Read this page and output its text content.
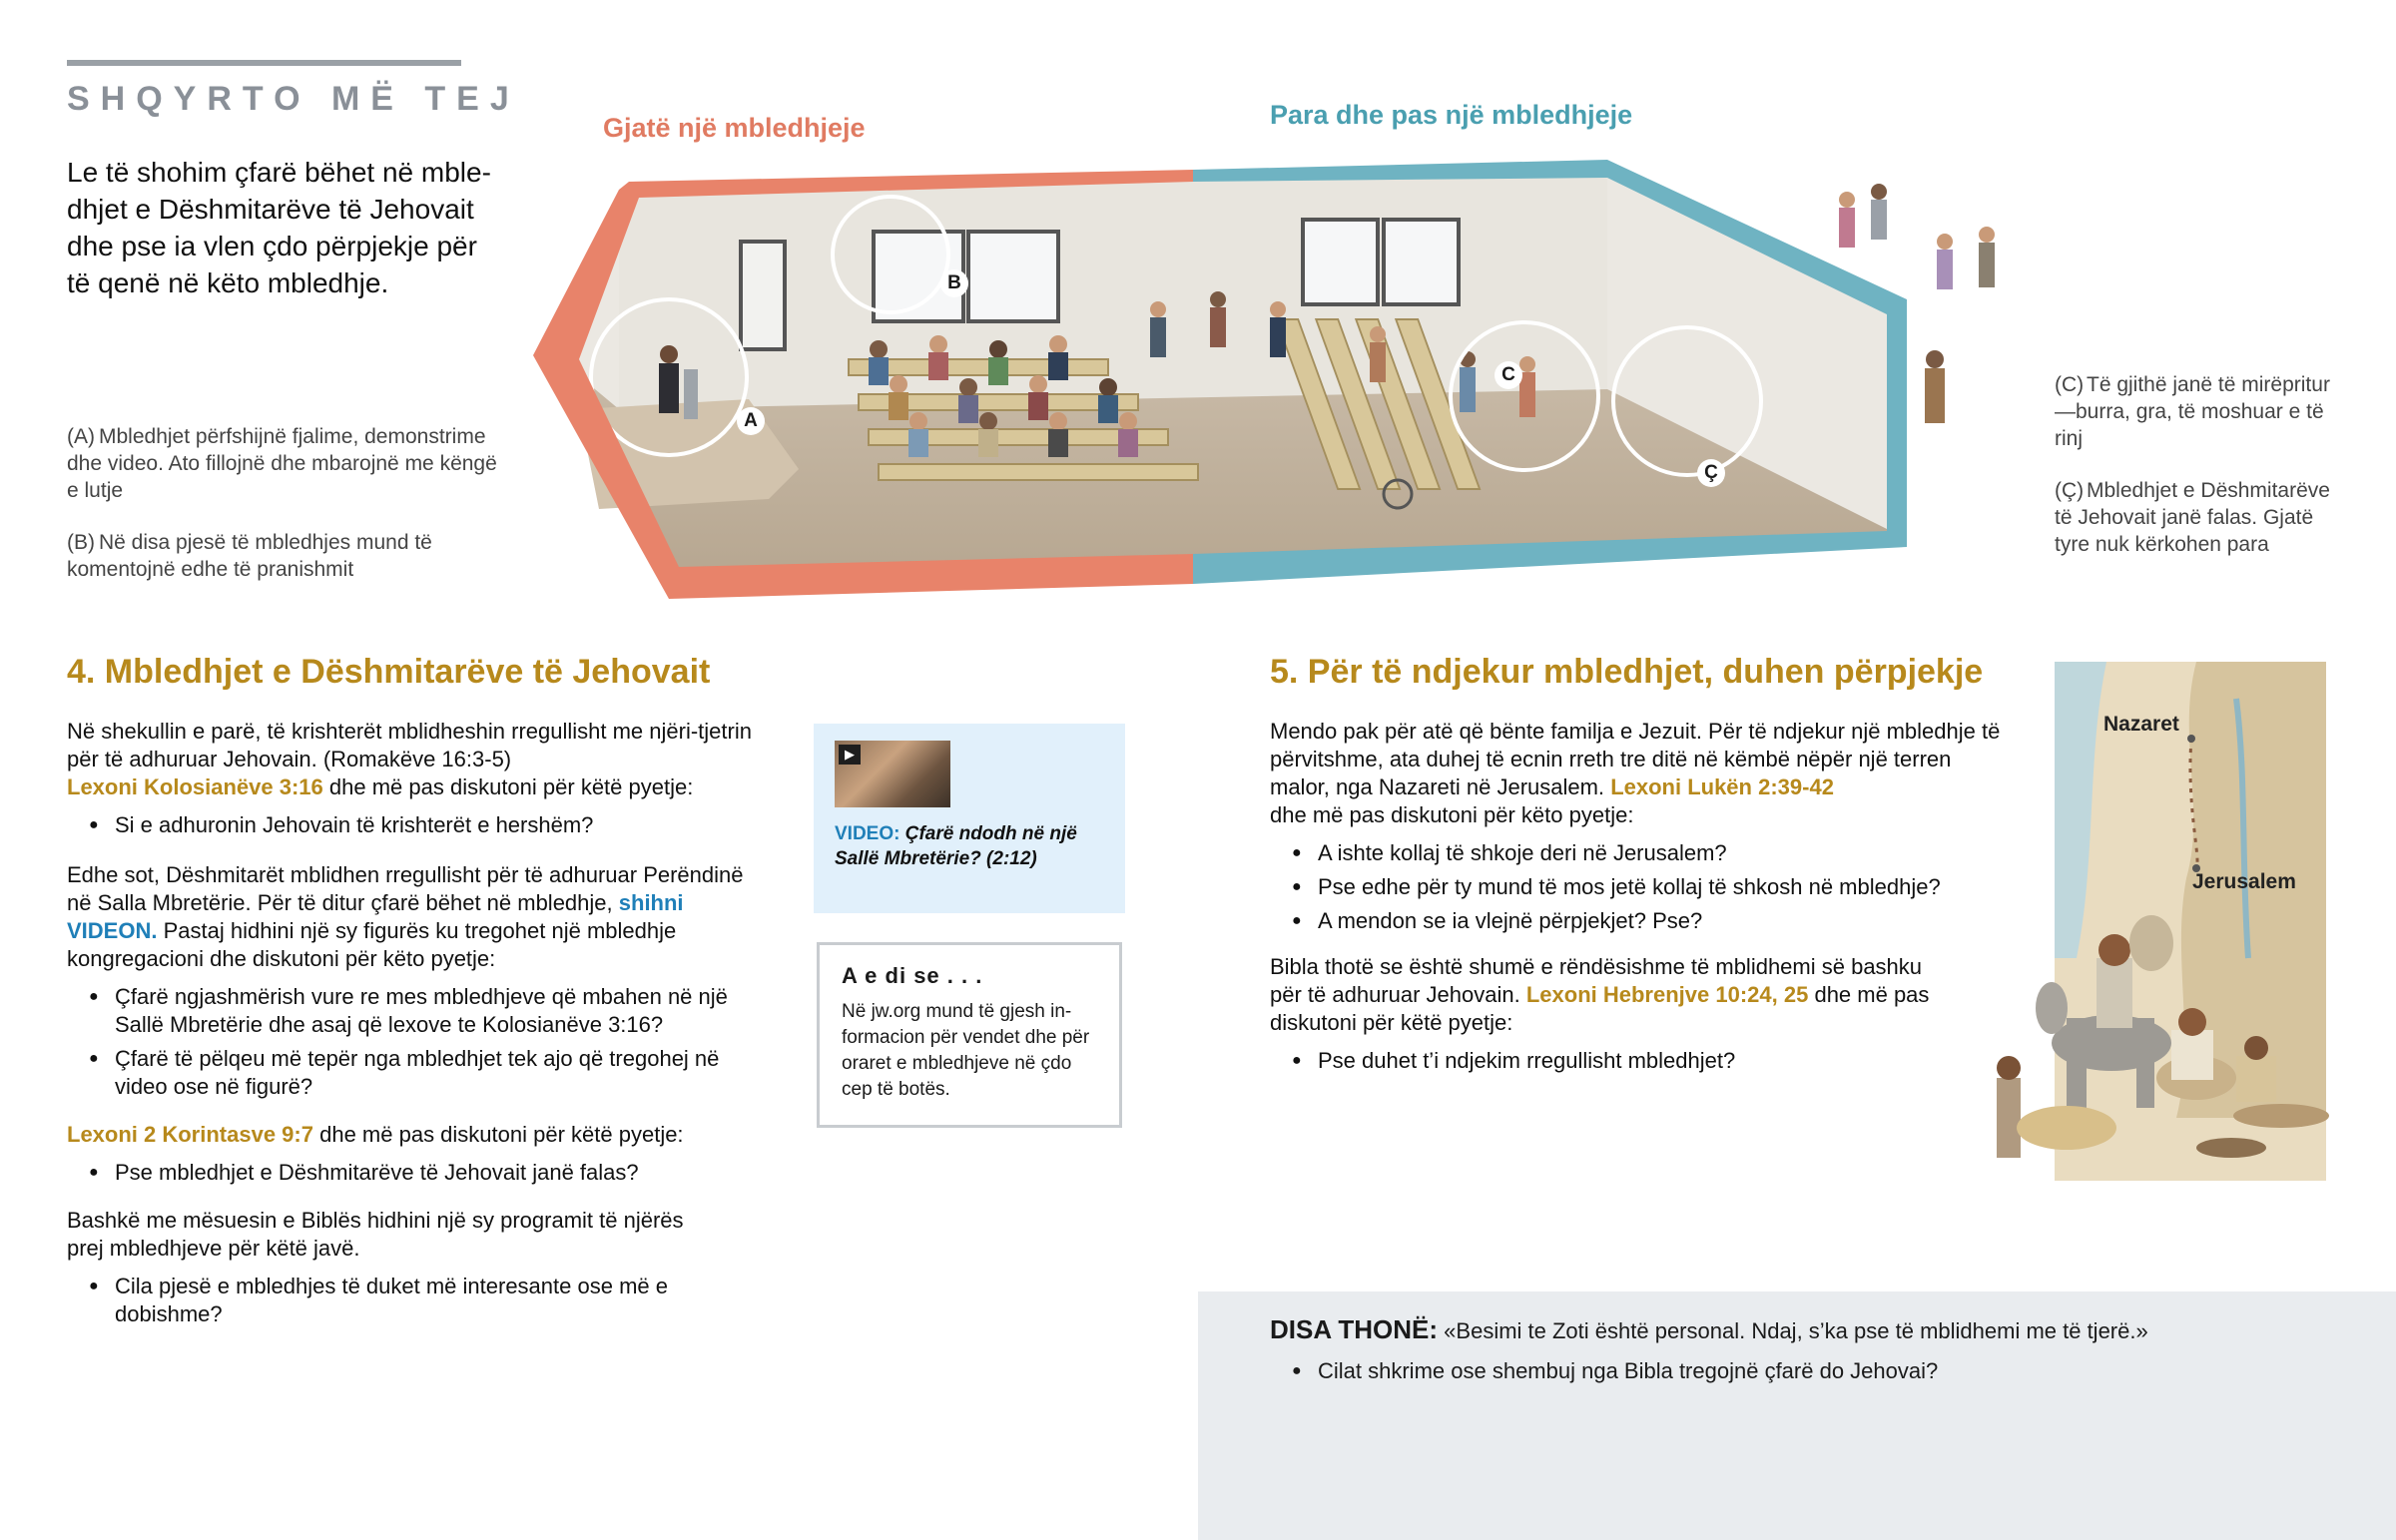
SHQYRTO MË TEJ
Le të shohim çfarë bëhet në mbledhjet e Dëshmitarëve të Jehovait dhe pse ia vlen çdo përpjekje për të qenë në këto mbledhje.
Gjatë një mbledhjeje	Para dhe pas një mbledhjeje
A
B
C
Ç
(A) Mbledhjet përfshijnë fjalime, demonstrime dhe video. Ato fillojnë dhe mbarojnë me këngë e lutje
(B) Në disa pjesë të mbledhjes mund të komentojnë edhe të pranishmit
(C) Të gjithë janë të mirëpritur—burra, gra, të moshuar e të rinj
(Ç) Mbledhjet e Dëshmitarëve të Jehovait janë falas. Gjatë tyre nuk kërkohen para
4. Mbledhjet e Dëshmitarëve të Jehovait

Në shekullin e parë, të krishterët mblidheshin rregullisht me njëri-tjetrin për të adhuruar Jehovain. (Romakëve 16:3-5)
Lexoni Kolosianëve 3:16 dhe më pas diskutoni për këtë pyetje:

● Si e adhuronin Jehovain të krishterët e hershëm?

Edhe sot, Dëshmitarët mblidhen rregullisht për të adhuruar Perëndinë në Salla Mbretërie. Për të ditur çfarë bëhet në mbledhje, shihni VIDEON. Pastaj hidhini një sy figurës ku tregohet një mbledhje kongregacioni dhe diskutoni për këto pyetje:

● Çfarë ngjashmërish vure re mes mbledhjeve që mbahen në një Sallë Mbretërie dhe asaj që lexove te Kolosianëve 3:16?
● Çfarë të pëlqeu më tepër nga mbledhjet tek ajo që tregohej në video ose në figurë?

Lexoni 2 Korintasve 9:7 dhe më pas diskutoni për këtë pyetje:

● Pse mbledhjet e Dëshmitarëve të Jehovait janë falas?

Bashkë me mësuesin e Biblës hidhini një sy programit të njërës prej mbledhjeve për këtë javë.

● Cila pjesë e mbledhjes të duket më interesante ose më e dobishme?
▶
VIDEO: Çfarë ndodh në një Sallë Mbretërie? (2:12)
A e di se . . .
Në jw.org mund të gjesh informacion për vendet dhe për oraret e mbledhjeve në çdo cep të botës.
5. Për të ndjekur mbledhjet, duhen përpjekje

Mendo pak për atë që bënte familja e Jezuit. Për të ndjekur një mbledhje të përvitshme, ata duhej të ecnin rreth tre ditë në këmbë nëpër një terren malor, nga Nazareti në Jerusalem. Lexoni Lukën 2:39-42
dhe më pas diskutoni për këto pyetje:

● A ishte kollaj të shkoje deri në Jerusalem?
● Pse edhe për ty mund të mos jetë kollaj të shkosh në mbledhje?
● A mendon se ia vlejnë përpjekjet? Pse?

Bibla thotë se është shumë e rëndësishme të mblidhemi së bashku për të adhuruar Jehovain. Lexoni Hebrenjve 10:24, 25 dhe më pas diskutoni për këtë pyetje:

● Pse duhet t’i ndjekim rregullisht mbledhjet?
Nazaret
Jerusalem
DISA THONË: «Besimi te Zoti është personal. Ndaj, s’ka pse të mblidhemi me të tjerë.»
● Cilat shkrime ose shembuj nga Bibla tregojnë çfarë do Jehovai?
